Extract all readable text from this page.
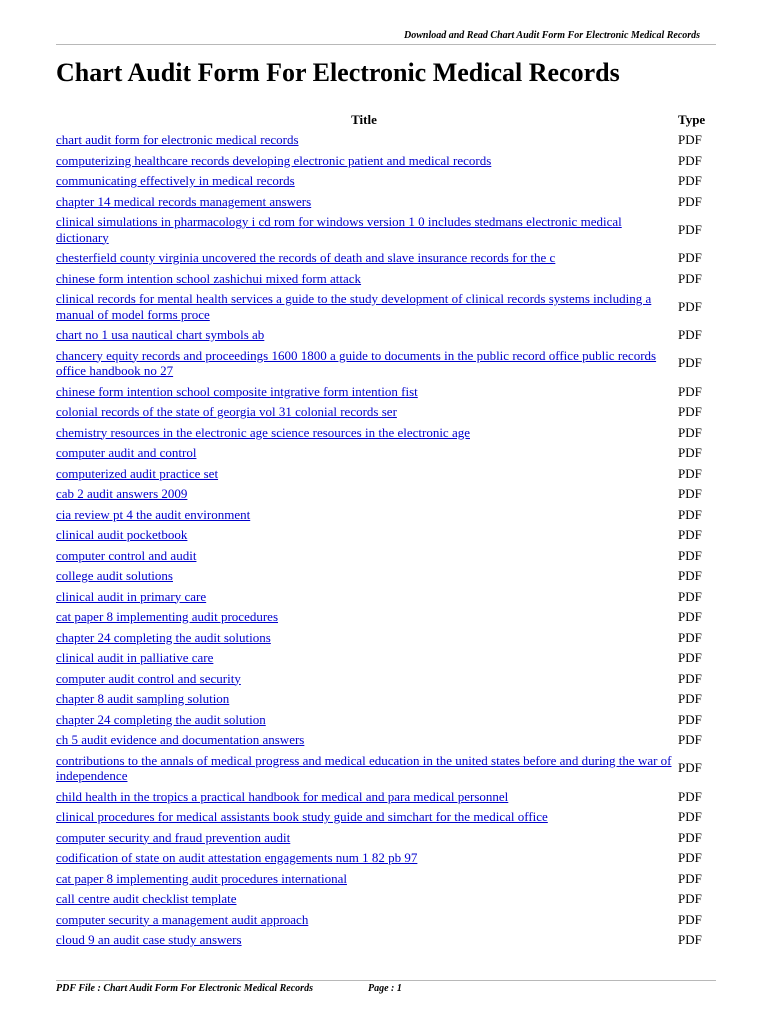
Download and Read Chart Audit Form For Electronic Medical Records
Chart Audit Form For Electronic Medical Records
Title	Type
chart audit form for electronic medical records	PDF
computerizing healthcare records developing electronic patient and medical records	PDF
communicating effectively in medical records	PDF
chapter 14 medical records management answers	PDF
clinical simulations in pharmacology i cd rom for windows version 1 0 includes stedmans electronic medical dictionary	PDF
chesterfield county virginia uncovered the records of death and slave insurance records for the c	PDF
chinese form intention school zashichui mixed form attack	PDF
clinical records for mental health services a guide to the study development of clinical records systems including a manual of model forms proce	PDF
chart no 1 usa nautical chart symbols ab	PDF
chancery equity records and proceedings 1600 1800 a guide to documents in the public record office public records office handbook no 27	PDF
chinese form intention school composite intgrative form intention fist	PDF
colonial records of the state of georgia vol 31 colonial records ser	PDF
chemistry resources in the electronic age science resources in the electronic age	PDF
computer audit and control	PDF
computerized audit practice set	PDF
cab 2 audit answers 2009	PDF
cia review pt 4 the audit environment	PDF
clinical audit pocketbook	PDF
computer control and audit	PDF
college audit solutions	PDF
clinical audit in primary care	PDF
cat paper 8 implementing audit procedures	PDF
chapter 24 completing the audit solutions	PDF
clinical audit in palliative care	PDF
computer audit control and security	PDF
chapter 8 audit sampling solution	PDF
chapter 24 completing the audit solution	PDF
ch 5 audit evidence and documentation answers	PDF
contributions to the annals of medical progress and medical education in the united states before and during the war of independence	PDF
child health in the tropics a practical handbook for medical and para medical personnel	PDF
clinical procedures for medical assistants book study guide and simchart for the medical office	PDF
computer security and fraud prevention audit	PDF
codification of state on audit attestation engagements num 1 82 pb 97	PDF
cat paper 8 implementing audit procedures international	PDF
call centre audit checklist template	PDF
computer security a management audit approach	PDF
cloud 9 an audit case study answers	PDF
PDF File : Chart Audit Form For Electronic Medical Records	Page : 1
